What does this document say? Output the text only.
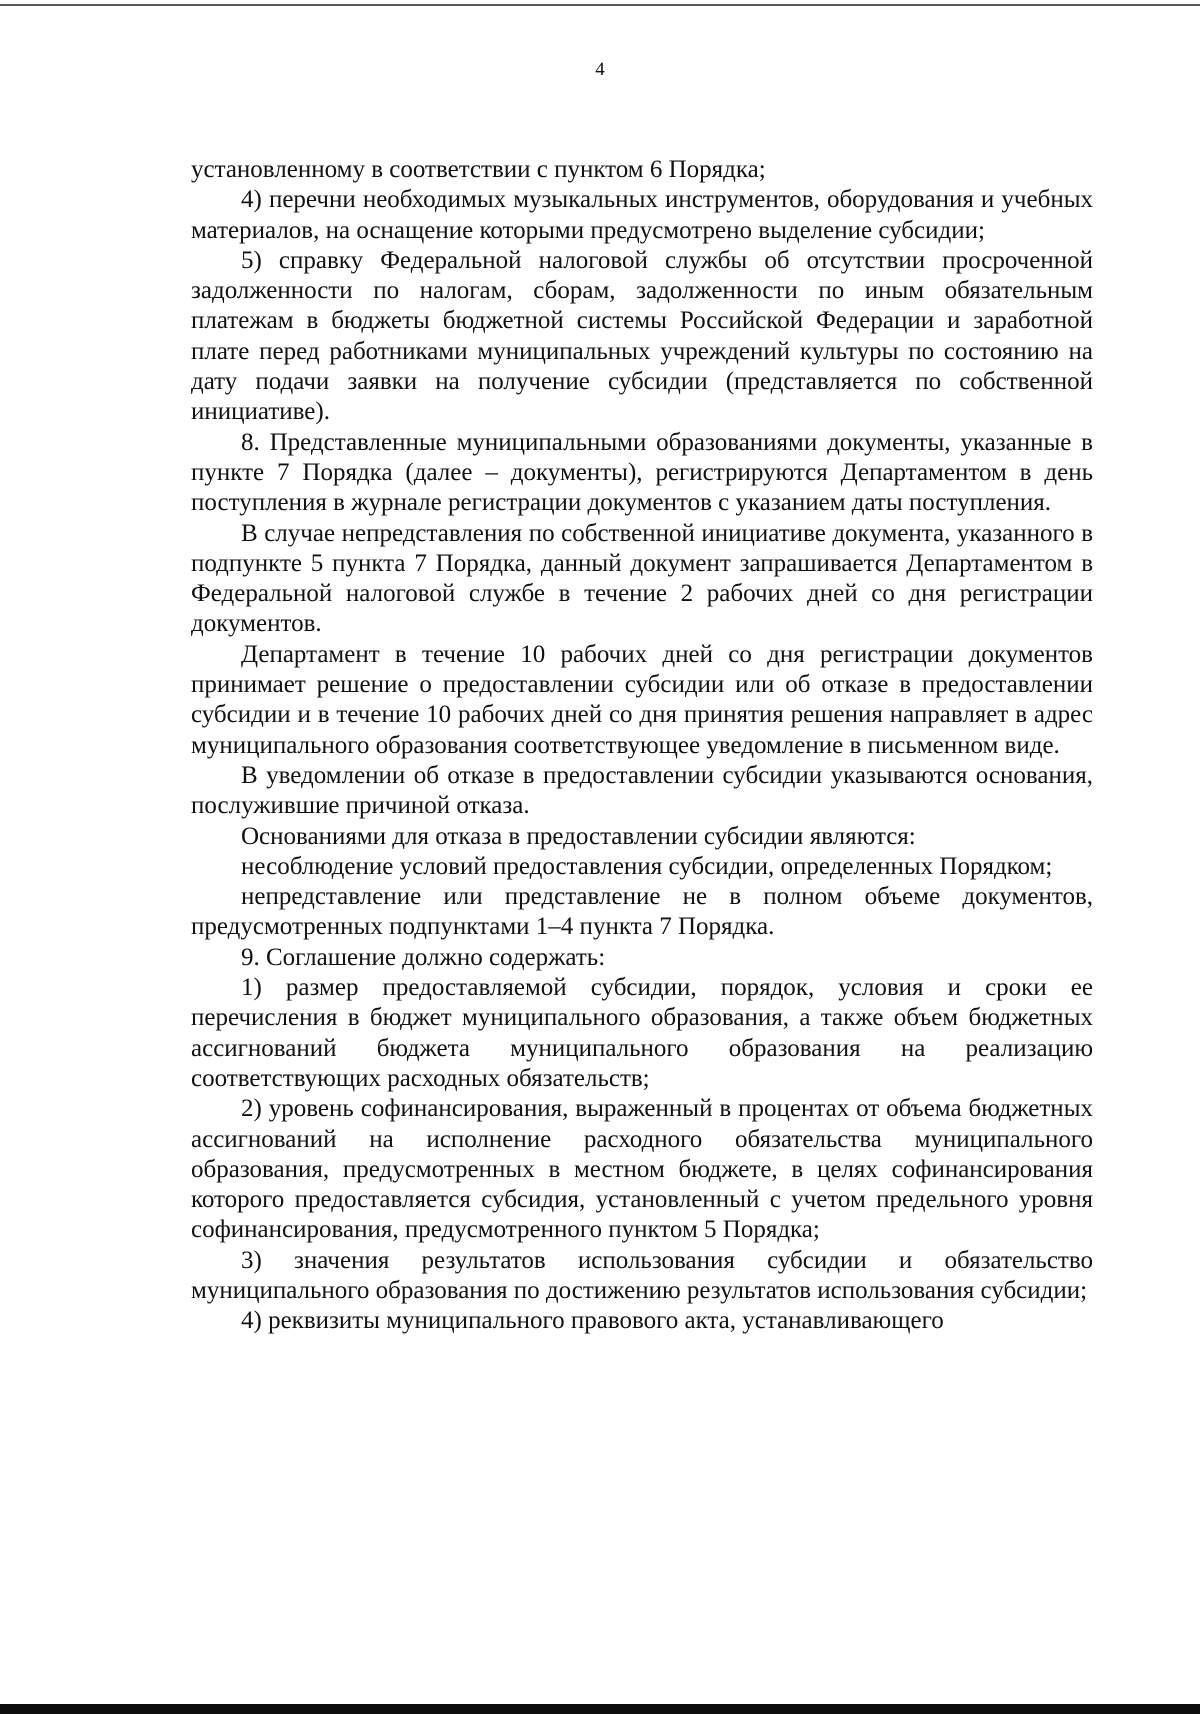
4

установленному в соответствии с пунктом 6 Порядка;

4) перечни необходимых музыкальных инструментов, оборудования и учебных материалов, на оснащение которыми предусмотрено выделение субсидии;

5) справку Федеральной налоговой службы об отсутствии просроченной задолженности по налогам, сборам, задолженности по иным обязательным платежам в бюджеты бюджетной системы Российской Федерации и заработной плате перед работниками муниципальных учреждений культуры по состоянию на дату подачи заявки на получение субсидии (представляется по собственной инициативе).

8. Представленные муниципальными образованиями документы, указанные в пункте 7 Порядка (далее – документы), регистрируются Департаментом в день поступления в журнале регистрации документов с указанием даты поступления.

В случае непредставления по собственной инициативе документа, указанного в подпункте 5 пункта 7 Порядка, данный документ запрашивается Департаментом в Федеральной налоговой службе в течение 2 рабочих дней со дня регистрации документов.

Департамент в течение 10 рабочих дней со дня регистрации документов принимает решение о предоставлении субсидии или об отказе в предоставлении субсидии и в течение 10 рабочих дней со дня принятия решения направляет в адрес муниципального образования соответствующее уведомление в письменном виде.

В уведомлении об отказе в предоставлении субсидии указываются основания, послужившие причиной отказа.

Основаниями для отказа в предоставлении субсидии являются:

несоблюдение условий предоставления субсидии, определенных Порядком;

непредставление или представление не в полном объеме документов, предусмотренных подпунктами 1–4 пункта 7 Порядка.

9. Соглашение должно содержать:

1) размер предоставляемой субсидии, порядок, условия и сроки ее перечисления в бюджет муниципального образования, а также объем бюджетных ассигнований бюджета муниципального образования на реализацию соответствующих расходных обязательств;

2) уровень софинансирования, выраженный в процентах от объема бюджетных ассигнований на исполнение расходного обязательства муниципального образования, предусмотренных в местном бюджете, в целях софинансирования которого предоставляется субсидия, установленный с учетом предельного уровня софинансирования, предусмотренного пунктом 5 Порядка;

3) значения результатов использования субсидии и обязательство муниципального образования по достижению результатов использования субсидии;

4) реквизиты муниципального правового акта, устанавливающего
